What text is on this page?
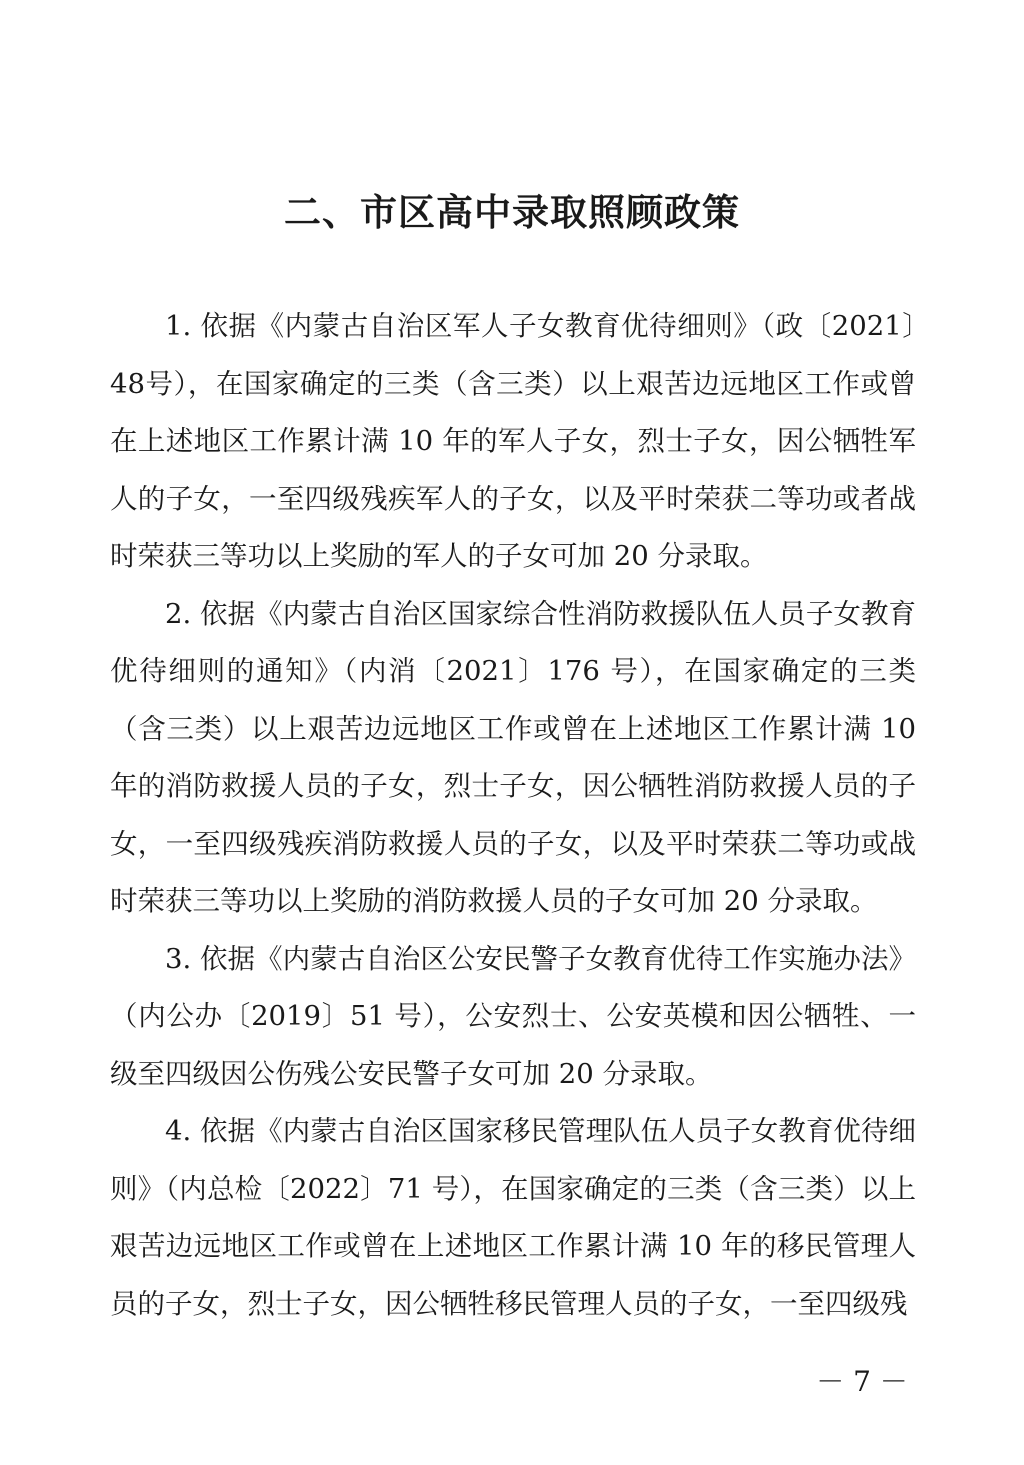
二、市区高中录取照顾政策

1. 依据《内蒙古自治区军人子女教育优待细则》（政〔2021〕48号），在国家确定的三类（含三类）以上艰苦边远地区工作或曾在上述地区工作累计满 10 年的军人子女，烈士子女，因公牺牲军人的子女，一至四级残疾军人的子女，以及平时荣获二等功或者战时荣获三等功以上奖励的军人的子女可加 20 分录取。

2. 依据《内蒙古自治区国家综合性消防救援队伍人员子女教育优待细则的通知》（内消〔2021〕176 号），在国家确定的三类（含三类）以上艰苦边远地区工作或曾在上述地区工作累计满 10 年的消防救援人员的子女，烈士子女，因公牺牲消防救援人员的子女，一至四级残疾消防救援人员的子女，以及平时荣获二等功或战时荣获三等功以上奖励的消防救援人员的子女可加 20 分录取。

3. 依据《内蒙古自治区公安民警子女教育优待工作实施办法》（内公办〔2019〕51 号），公安烈士、公安英模和因公牺牲、一级至四级因公伤残公安民警子女可加 20 分录取。

4. 依据《内蒙古自治区国家移民管理队伍人员子女教育优待细则》（内总检〔2022〕71 号），在国家确定的三类（含三类）以上艰苦边远地区工作或曾在上述地区工作累计满 10 年的移民管理人员的子女，烈士子女，因公牺牲移民管理人员的子女，一至四级残

－ 7 －
